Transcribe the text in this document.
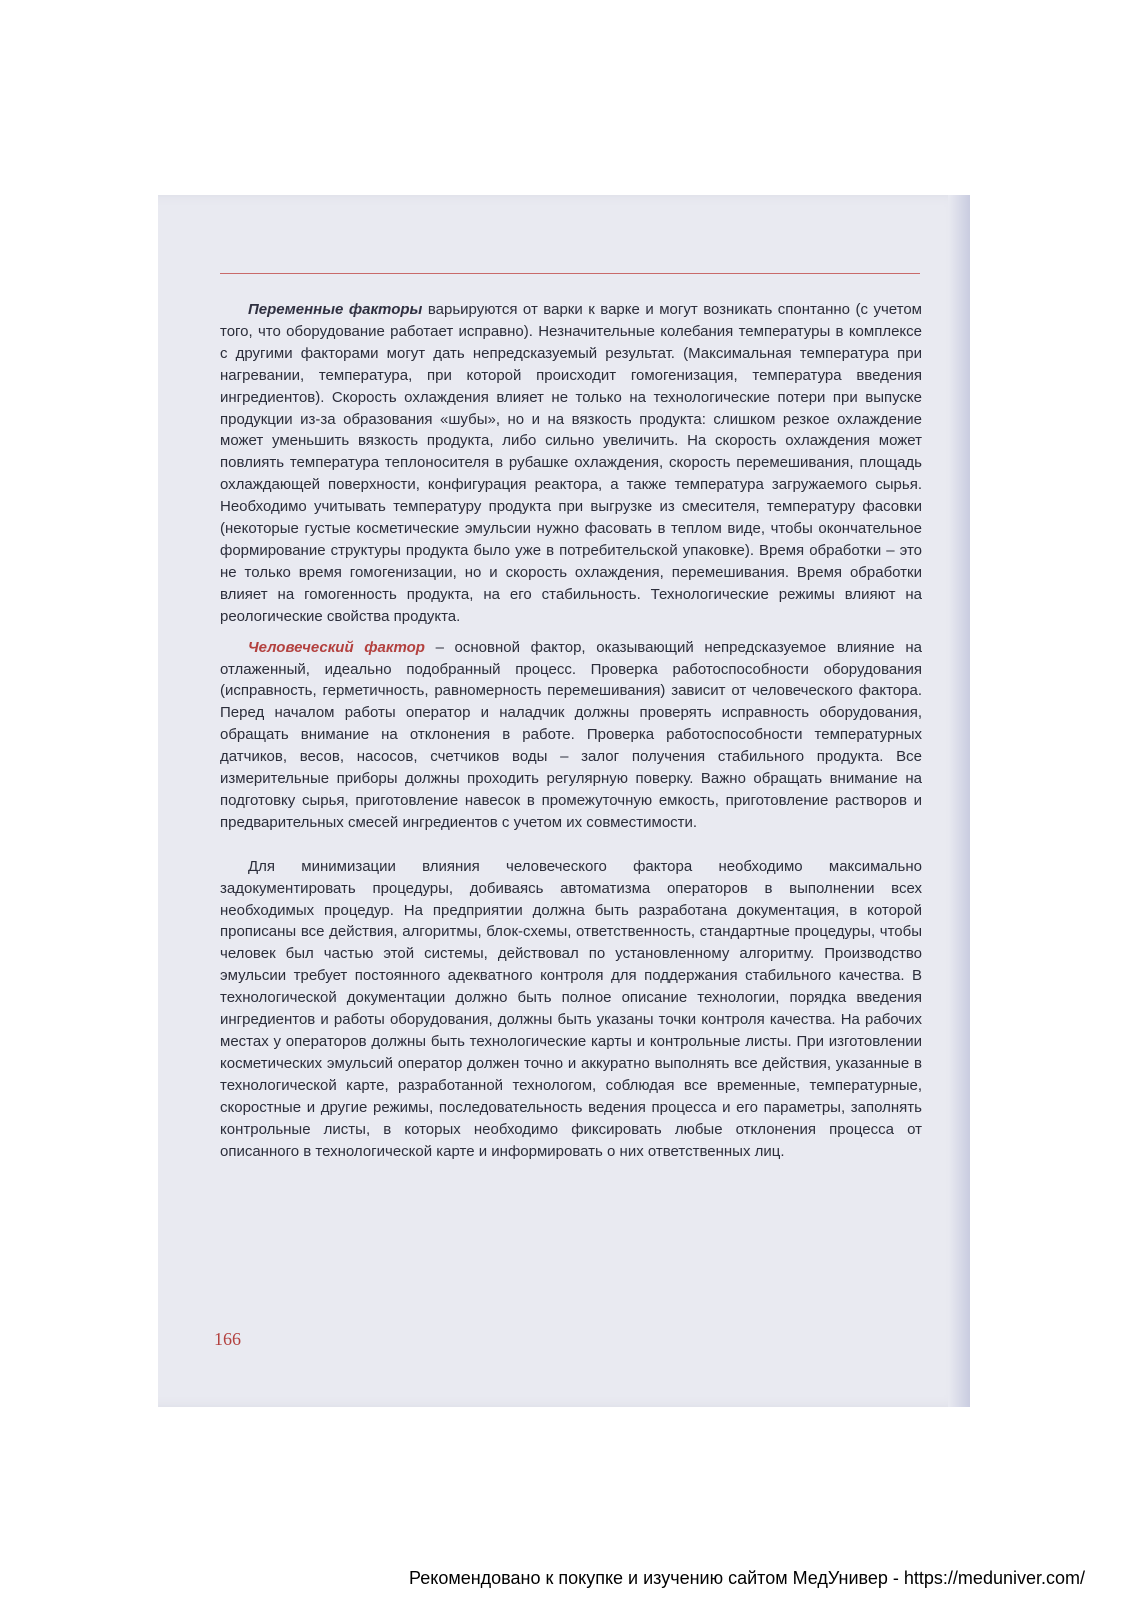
Переменные факторы варьируются от варки к варке и могут возникать спонтанно (с учетом того, что оборудование работает исправно). Незначительные колебания температуры в комплексе с другими факторами могут дать непредсказуемый результат. (Максимальная температура при нагревании, температура, при которой происходит гомогенизация, температура введения ингредиентов). Скорость охлаждения влияет не только на технологические потери при выпуске продукции из-за образования «шубы», но и на вязкость продукта: слишком резкое охлаждение может уменьшить вязкость продукта, либо сильно увеличить. На скорость охлаждения может повлиять температура теплоносителя в рубашке охлаждения, скорость перемешивания, площадь охлаждающей поверхности, конфигурация реактора, а также температура загружаемого сырья. Необходимо учитывать температуру продукта при выгрузке из смесителя, температуру фасовки (некоторые густые косметические эмульсии нужно фасовать в теплом виде, чтобы окончательное формирование структуры продукта было уже в потребительской упаковке). Время обработки – это не только время гомогенизации, но и скорость охлаждения, перемешивания. Время обработки влияет на гомогенность продукта, на его стабильность. Технологические режимы влияют на реологические свойства продукта.

Человеческий фактор – основной фактор, оказывающий непредсказуемое влияние на отлаженный, идеально подобранный процесс. Проверка работоспособности оборудования (исправность, герметичность, равномерность перемешивания) зависит от человеческого фактора. Перед началом работы оператор и наладчик должны проверять исправность оборудования, обращать внимание на отклонения в работе. Проверка работоспособности температурных датчиков, весов, насосов, счетчиков воды – залог получения стабильного продукта. Все измерительные приборы должны проходить регулярную поверку. Важно обращать внимание на подготовку сырья, приготовление навесок в промежуточную емкость, приготовление растворов и предварительных смесей ингредиентов с учетом их совместимости.

Для минимизации влияния человеческого фактора необходимо максимально задокументировать процедуры, добиваясь автоматизма операторов в выполнении всех необходимых процедур. На предприятии должна быть разработана документация, в которой прописаны все действия, алгоритмы, блок-схемы, ответственность, стандартные процедуры, чтобы человек был частью этой системы, действовал по установленному алгоритму. Производство эмульсии требует постоянного адекватного контроля для поддержания стабильного качества. В технологической документации должно быть полное описание технологии, порядка введения ингредиентов и работы оборудования, должны быть указаны точки контроля качества. На рабочих местах у операторов должны быть технологические карты и контрольные листы. При изготовлении косметических эмульсий оператор должен точно и аккуратно выполнять все действия, указанные в технологической карте, разработанной технологом, соблюдая все временные, температурные, скоростные и другие режимы, последовательность ведения процесса и его параметры, заполнять контрольные листы, в которых необходимо фиксировать любые отклонения процесса от описанного в технологической карте и информировать о них ответственных лиц.

166
Рекомендовано к покупке и изучению сайтом МедУнивер - https://meduniver.com/
